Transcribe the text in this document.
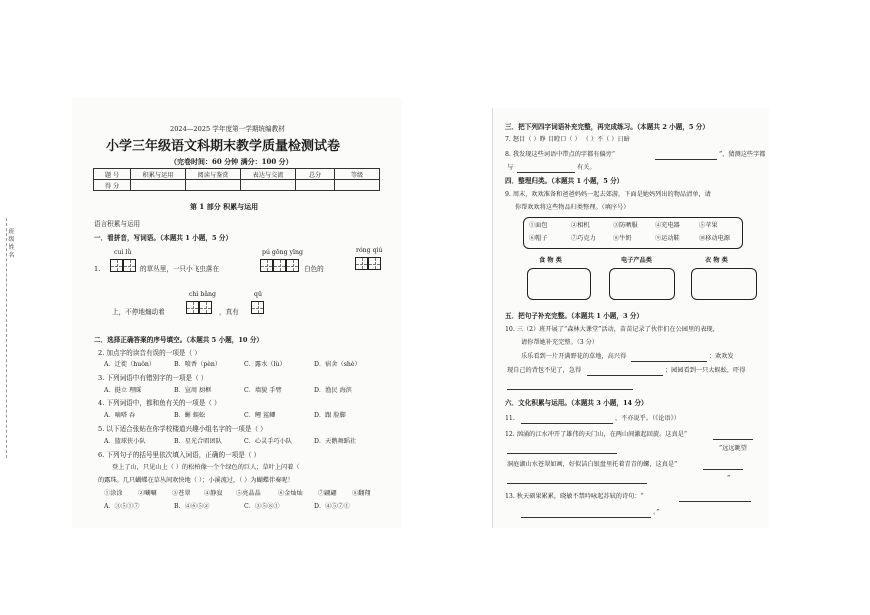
2024—2025 学年度第一学期统编教材
小学三年级语文科期末教学质量检测试卷
（完卷时间：60 分钟 满分：100 分）
题 号	积累与运用	阅读与鉴赏	表达与交流	总分	等级
得 分					
第 1 部分 积累与运用
语言积累与运用
一．看拼音，写词语。（本题共 1 小题，5 分）
cuì lǜ	pú gōng yīng	róng qiú
1.	的草丛里，一只小飞虫落在	白色的
chì bǎng	qū
上，不停地煽动着	，真有
班 级 姓 名
二．选择正确答案的序号填空。（本题共 5 小题，10 分）
2. 加点字的读音有误的一项是（ ）
A．迁徙（huǒn）	B．喷香（pèn）	C．露水（lù）	D．宿舍（shè）
3. 下列词语中有错别字的一项是（ ）
A．挺立 理睬	B．宣周 厨框	C．墙貌 手臂	D．渔民 海滨
4. 下列词语中，都和鱼有关的一项是（ ）
A．嘀嗒 吞	B．蜥 蜈蚣	C．鲤 鲨鲫	D．跟 脸脚
5. 以下适合张贴在你学校楼道兴趣小组名字的一项是（ ）
A．篮球侠小队	B．星光合唱团队	C．心灵手巧小队	D．天鹅舞蹈社
6. 下列句子的括号里依次填入词语，正确的一项是（ ）
登上了山，只见山上（ ）的松柏像一个个绿色的巨人；草叶上闪着（
的露珠。几只蝴蝶在草丛间欢快地（ ）；小溪流过，（ ）为蝴蝶伴奏呢！
①涂涂 ②唰唰 ③苍翠 ④静寂 ⑤亮晶晶	⑥金灿灿 ⑦翩翩 ⑧翻翔
A．③⑤①⑦	B．④⑥⑤②	C．③⑤⑧①	D．④⑤⑦①
三．把下列四字词语补充完整，再完成练习。（本题共 2 小题，5 分）
7. 怒目（ ）睁 目瞪口（ ） （ ）不（ ）日暗
8. 我发现这些词语中带点的字都有偏旁“	”，猜测这些字都
与	有关。
四．整理归类。（本题共 1 小题，5 分）
9. 周末，欢欢准备和爸爸妈妈一起去郊游，下面是她妈列出的物品清单，请
你帮欢欢将这些物品归类整理。（填序号）
①面包	②相机	③防晒服	④充电器	⑤苹果
⑥帽子	⑦巧克力	⑧牛奶	⑨运动鞋	⑩移动电源
食 物 类	电子产品类	衣 物 类
五．把句子补充完整。（本题共 1 小题，3 分）
10. 三（2）班开展了“森林大课堂”活动，苗苗记录了伙伴们在公园里的表现，
请你帮她补充完整。（3 分）
乐乐看到一片开满野花的草地，高兴得	；欢欢发
现自己的背包不见了，急得	；园园看到一只大蜈蚣，吓得
六．文化积累与运用。（本题共 3 小题，14 分）
11.	，不亦说乎。（《论语》）
12. 汹涌的江水冲开了雄伟的天门山，在两山间激起回旋。这真是“
”远远眺望
洞庭湖山水苍翠如画，好似洁白银盘里托着青青的螺，这真是“
”
13. 秋天硕果累累，晓敏不禁吟咏起苏轼的诗句：“
。”
